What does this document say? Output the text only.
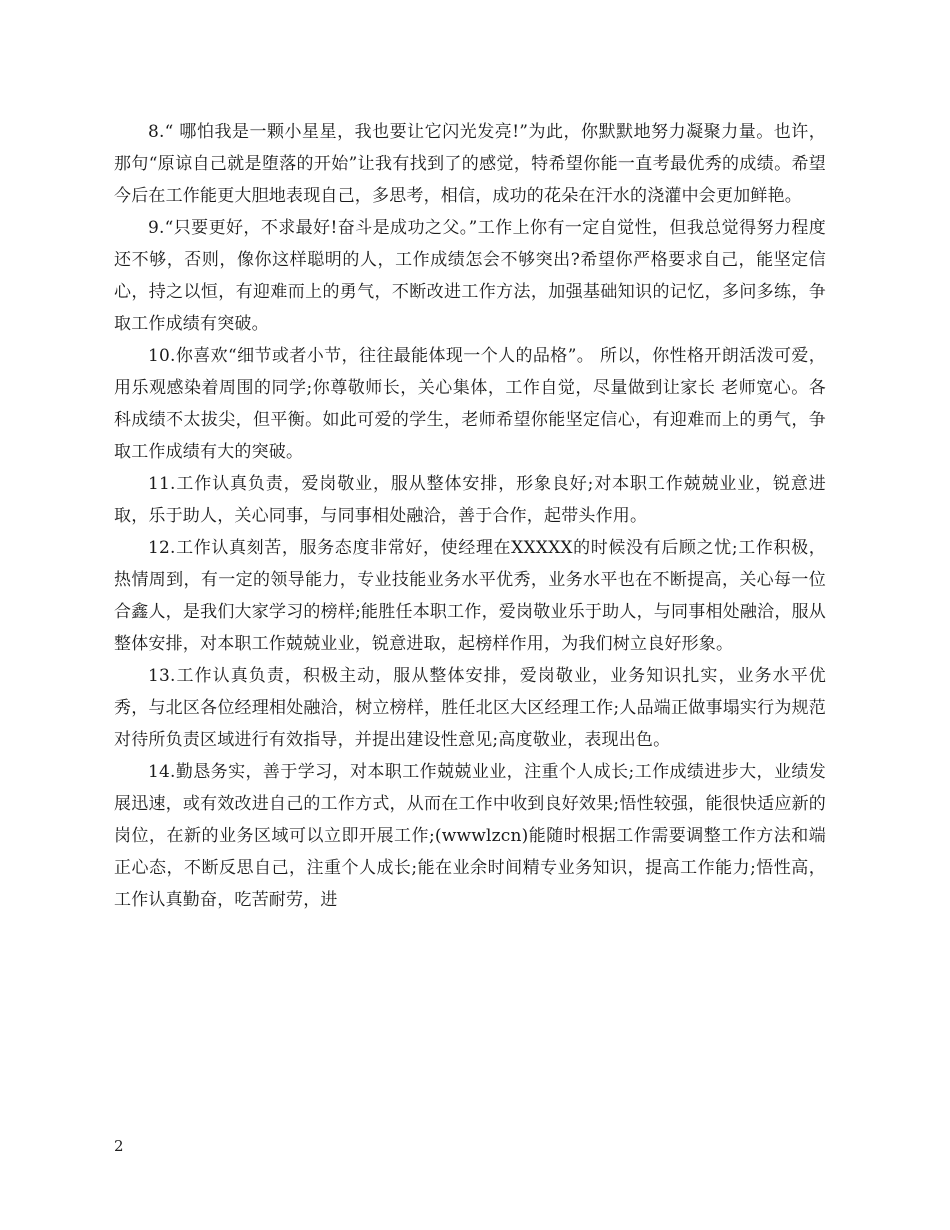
8.“ 哪怕我是一颗小星星，我也要让它闪光发亮!”为此，你默默地努力凝聚力量。也许，那句“原谅自己就是堕落的开始”让我有找到了的感觉，特希望你能一直考最优秀的成绩。希望今后在工作能更大胆地表现自己，多思考，相信，成功的花朵在汗水的浇灌中会更加鲜艳。

9.“只要更好，不求最好!奋斗是成功之父。”工作上你有一定自觉性，但我总觉得努力程度还不够，否则，像你这样聪明的人，工作成绩怎会不够突出?希望你严格要求自己，能坚定信心，持之以恒，有迎难而上的勇气，不断改进工作方法，加强基础知识的记忆，多问多练，争取工作成绩有突破。

10.你喜欢“细节或者小节，往往最能体现一个人的品格”。 所以，你性格开朗活泼可爱，用乐观感染着周围的同学;你尊敬师长，关心集体，工作自觉，尽量做到让家长 老师宽心。各科成绩不太拔尖，但平衡。如此可爱的学生，老师希望你能坚定信心，有迎难而上的勇气，争取工作成绩有大的突破。

11.工作认真负责，爱岗敬业，服从整体安排，形象良好;对本职工作兢兢业业，锐意进取，乐于助人，关心同事，与同事相处融洽，善于合作，起带头作用。

12.工作认真刻苦，服务态度非常好，使经理在XXXXX的时候没有后顾之忧;工作积极，热情周到，有一定的领导能力，专业技能业务水平优秀，业务水平也在不断提高，关心每一位合鑫人，是我们大家学习的榜样;能胜任本职工作，爱岗敬业乐于助人，与同事相处融洽，服从整体安排，对本职工作兢兢业业，锐意进取，起榜样作用，为我们树立良好形象。

13.工作认真负责，积极主动，服从整体安排，爱岗敬业，业务知识扎实，业务水平优秀，与北区各位经理相处融洽，树立榜样，胜任北区大区经理工作;人品端正做事塌实行为规范对待所负责区域进行有效指导，并提出建设性意见;高度敬业，表现出色。

14.勤恳务实，善于学习，对本职工作兢兢业业，注重个人成长;工作成绩进步大，业绩发展迅速，或有效改进自己的工作方式，从而在工作中收到良好效果;悟性较强，能很快适应新的岗位，在新的业务区域可以立即开展工作;(wwwlzcn)能随时根据工作需要调整工作方法和端正心态，不断反思自己，注重个人成长;能在业余时间精专业务知识，提高工作能力;悟性高，工作认真勤奋，吃苦耐劳，进

2
